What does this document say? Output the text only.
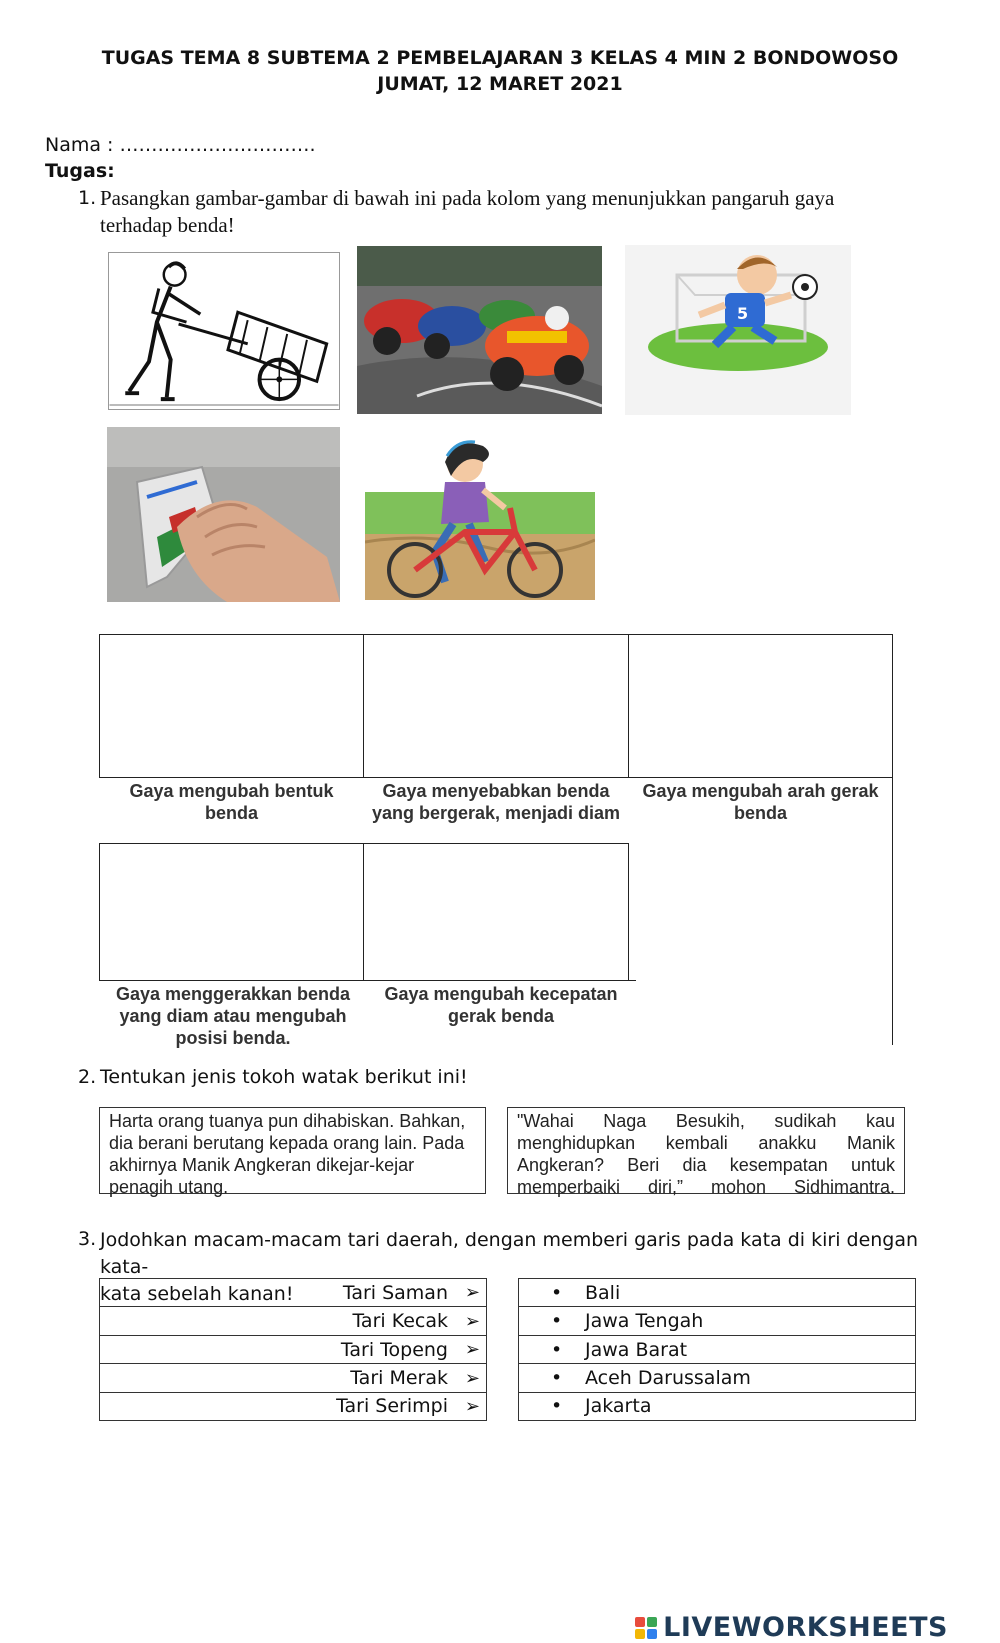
TUGAS TEMA 8 SUBTEMA 2 PEMBELAJARAN 3 KELAS 4 MIN 2 BONDOWOSO
JUMAT, 12 MARET 2021
Nama : ………………………….
Tugas:
1. Pasangkan gambar-gambar di bawah ini pada kolom yang menunjukkan pangaruh gaya
terhadap benda!
5
Gaya mengubah bentuk benda
Gaya menyebabkan benda yang bergerak, menjadi diam
Gaya mengubah arah gerak benda
Gaya menggerakkan benda yang diam atau mengubah posisi benda.
Gaya mengubah kecepatan gerak benda
2. Tentukan jenis tokoh watak berikut ini!
Harta orang tuanya pun dihabiskan. Bahkan, dia berani berutang kepada orang lain. Pada akhirnya Manik Angkeran dikejar-kejar penagih utang.
"Wahai Naga Besukih, sudikah kau menghidupkan kembali anakku Manik Angkeran? Beri dia kesempatan untuk memperbaiki diri,” mohon Sidhimantra.
3. Jodohkan macam-macam tari daerah, dengan memberi garis pada kata di kiri dengan kata-
kata sebelah kanan!	Tari Saman ➢
Tari Kecak ➢
Tari Topeng ➢
Tari Merak ➢
Tari Serimpi ➢
• Bali
• Jawa Tengah
• Jawa Barat
• Aceh Darussalam
• Jakarta
LIVEWORKSHEETS
